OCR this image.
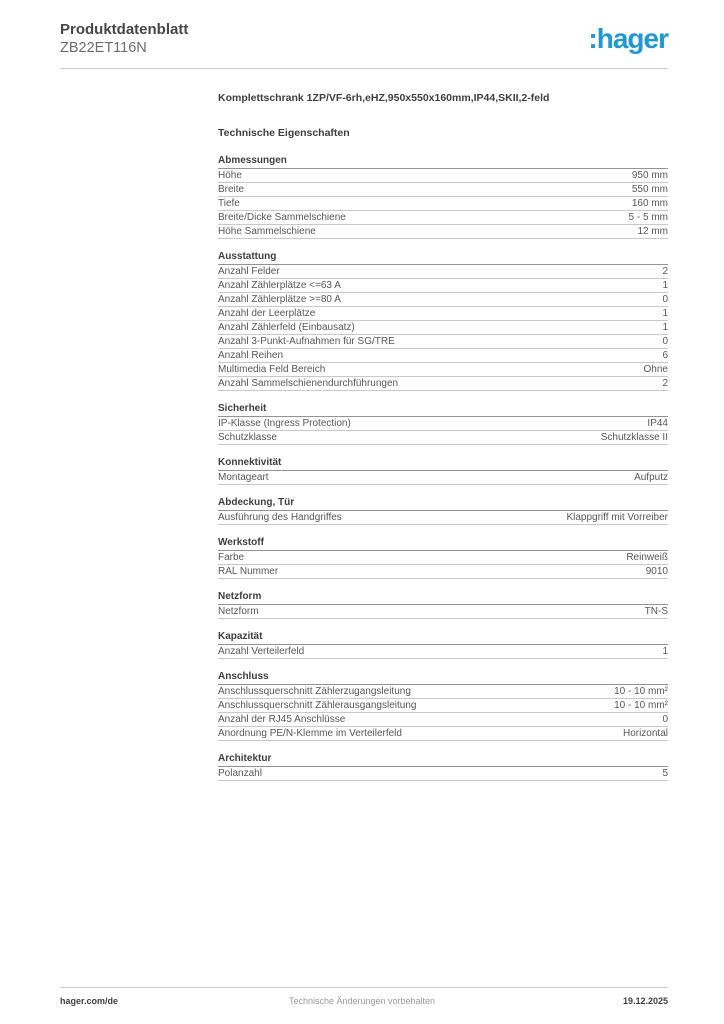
Produktdatenblatt
ZB22ET116N	:hager
Komplettschrank 1ZP/VF-6rh,eHZ,950x550x160mm,IP44,SKII,2-feld
Technische Eigenschaften
Abmessungen
Höhe	950 mm
Breite	550 mm
Tiefe	160 mm
Breite/Dicke Sammelschiene	5 - 5 mm
Höhe Sammelschiene	12 mm
Ausstattung
Anzahl Felder	2
Anzahl Zählerplätze <=63 A	1
Anzahl Zählerplätze >=80 A	0
Anzahl der Leerplätze	1
Anzahl Zählerfeld (Einbausatz)	1
Anzahl 3-Punkt-Aufnahmen für SG/TRE	0
Anzahl Reihen	6
Multimedia Feld Bereich	Ohne
Anzahl Sammelschienendurchführungen	2
Sicherheit
IP-Klasse (Ingress Protection)	IP44
Schutzklasse	Schutzklasse II
Konnektivität
Montageart	Aufputz
Abdeckung, Tür
Ausführung des Handgriffes	Klappgriff mit Vorreiber
Werkstoff
Farbe	Reinweiß
RAL Nummer	9010
Netzform
Netzform	TN-S
Kapazität
Anzahl Verteilerfeld	1
Anschluss
Anschlussquerschnitt Zählerzugangsleitung	10 - 10 mm²
Anschlussquerschnitt Zählerausgangsleitung	10 - 10 mm²
Anzahl der RJ45 Anschlüsse	0
Anordnung PE/N-Klemme im Verteilerfeld	Horizontal
Architektur
Polanzahl	5
hager.com/de	Technische Änderungen vorbehalten	19.12.2025
